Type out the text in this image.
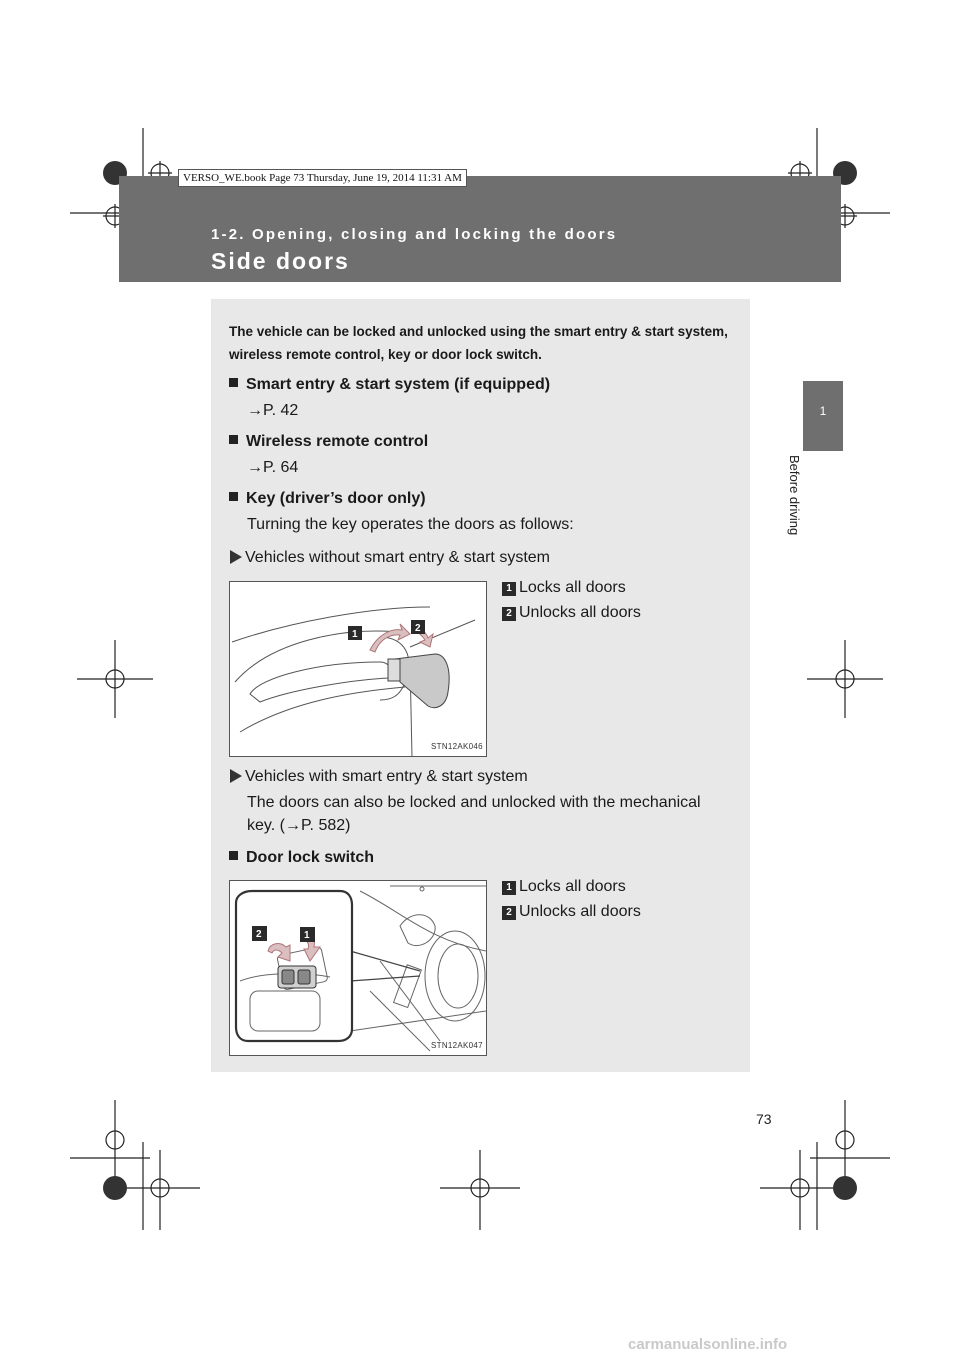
VERSO_WE.book Page 73 Thursday, June 19, 2014 11:31 AM
1-2. Opening, closing and locking the doors
Side doors
1
Before driving
The vehicle can be locked and unlocked using the smart entry & start system, wireless remote control, key or door lock switch.
Smart entry & start system (if equipped)
→P. 42
Wireless remote control
→P. 64
Key (driver’s door only)
Turning the key operates the doors as follows:
Vehicles without smart entry & start system
1 Locks all doors
2 Unlocks all doors
1
2
STN12AK046
Vehicles with smart entry & start system
The doors can also be locked and unlocked with the mechanical
key. (→P. 582)
Door lock switch
1 Locks all doors
2 Unlocks all doors
2	1
STN12AK047
73
carmanualsonline.info
